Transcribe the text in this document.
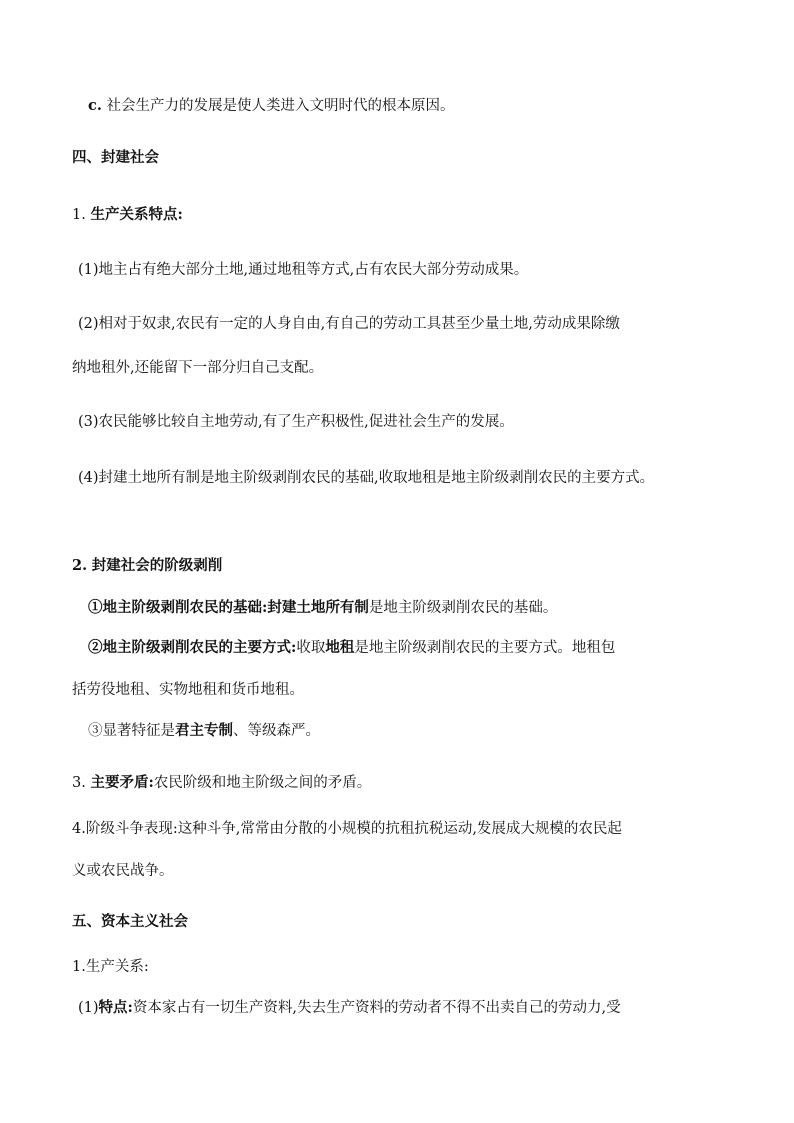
c. 社会生产力的发展是使人类进入文明时代的根本原因。
四、封建社会
1. 生产关系特点:
(1)地主占有绝大部分土地,通过地租等方式,占有农民大部分劳动成果。
(2)相对于奴隶,农民有一定的人身自由,有自己的劳动工具甚至少量土地,劳动成果除缴
纳地租外,还能留下一部分归自己支配。
(3)农民能够比较自主地劳动,有了生产积极性,促进社会生产的发展。
(4)封建土地所有制是地主阶级剥削农民的基础,收取地租是地主阶级剥削农民的主要方式。
2. 封建社会的阶级剥削
①地主阶级剥削农民的基础:封建土地所有制是地主阶级剥削农民的基础。
②地主阶级剥削农民的主要方式:收取地租是地主阶级剥削农民的主要方式。地租包
括劳役地租、实物地租和货币地租。
③显著特征是君主专制、等级森严。
3. 主要矛盾:农民阶级和地主阶级之间的矛盾。
4.阶级斗争表现:这种斗争,常常由分散的小规模的抗租抗税运动,发展成大规模的农民起
义或农民战争。
五、资本主义社会
1.生产关系:
(1)特点:资本家占有一切生产资料,失去生产资料的劳动者不得不出卖自己的劳动力,受
